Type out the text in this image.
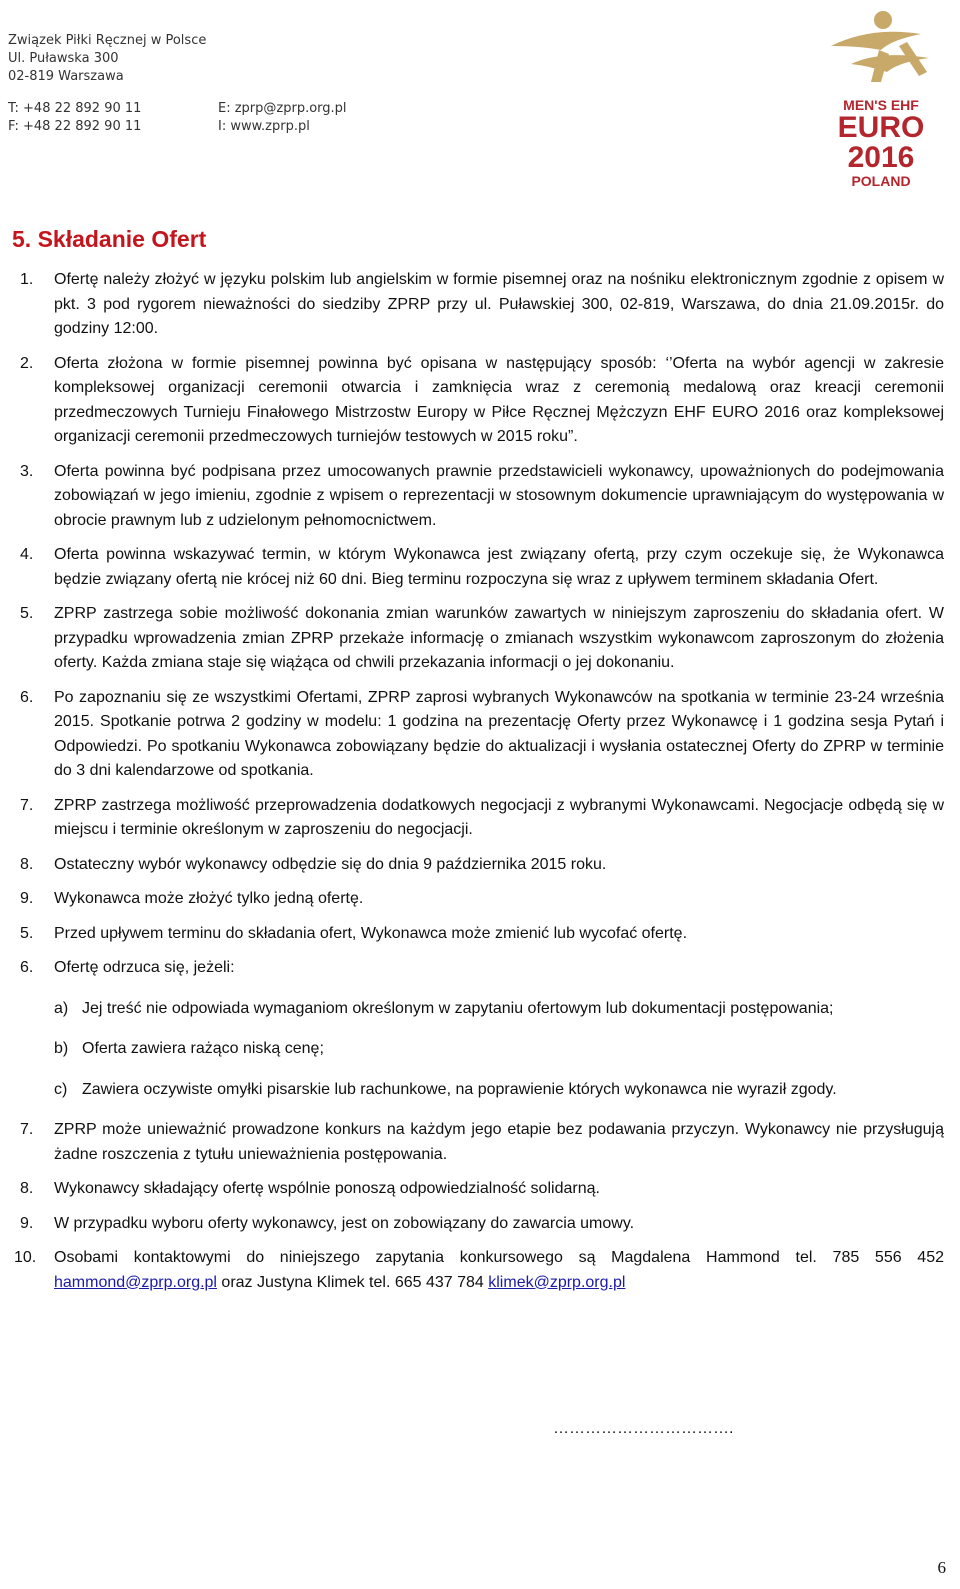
Związek Piłki Ręcznej w Polsce
Ul. Puławska 300
02-819 Warszawa
T: +48 22 892 90 11
F: +48 22 892 90 11
E: zprp@zprp.org.pl
I: www.zprp.pl
MEN'S EHF
EURO
2016
POLAND
5. Składanie Ofert
1. Ofertę należy złożyć w języku polskim lub angielskim w formie pisemnej oraz na nośniku elektronicznym zgodnie z opisem w pkt. 3 pod rygorem nieważności do siedziby ZPRP przy ul. Puławskiej 300, 02-819, Warszawa, do dnia 21.09.2015r. do godziny 12:00.
2. Oferta złożona w formie pisemnej powinna być opisana w następujący sposób: ‘’Oferta na wybór agencji w zakresie kompleksowej organizacji ceremonii otwarcia i zamknięcia wraz z ceremonią medalową oraz kreacji ceremonii przedmeczowych Turnieju Finałowego Mistrzostw Europy w Piłce Ręcznej Mężczyzn EHF EURO 2016 oraz kompleksowej organizacji ceremonii przedmeczowych turniejów testowych w 2015 roku”.
3. Oferta powinna być podpisana przez umocowanych prawnie przedstawicieli wykonawcy, upoważnionych do podejmowania zobowiązań w jego imieniu, zgodnie z wpisem o reprezentacji w stosownym dokumencie uprawniającym do występowania w obrocie prawnym lub z udzielonym pełnomocnictwem.
4. Oferta powinna wskazywać termin, w którym Wykonawca jest związany ofertą, przy czym oczekuje się, że Wykonawca będzie związany ofertą nie krócej niż 60 dni. Bieg terminu rozpoczyna się wraz z upływem terminem składania Ofert.
5. ZPRP zastrzega sobie możliwość dokonania zmian warunków zawartych w niniejszym zaproszeniu do składania ofert. W przypadku wprowadzenia zmian ZPRP przekaże informację o zmianach wszystkim wykonawcom zaproszonym do złożenia oferty. Każda zmiana staje się wiążąca od chwili przekazania informacji o jej dokonaniu.
6. Po zapoznaniu się ze wszystkimi Ofertami, ZPRP zaprosi wybranych Wykonawców na spotkania w terminie 23-24 września 2015. Spotkanie potrwa 2 godziny w modelu: 1 godzina na prezentację Oferty przez Wykonawcę i 1 godzina sesja Pytań i Odpowiedzi. Po spotkaniu Wykonawca zobowiązany będzie do aktualizacji i wysłania ostatecznej Oferty do ZPRP w terminie do 3 dni kalendarzowe od spotkania.
7. ZPRP zastrzega możliwość przeprowadzenia dodatkowych negocjacji z wybranymi Wykonawcami. Negocjacje odbędą się w miejscu i terminie określonym w zaproszeniu do negocjacji.
8. Ostateczny wybór wykonawcy odbędzie się do dnia 9 października 2015 roku.
9. Wykonawca może złożyć tylko jedną ofertę.
5. Przed upływem terminu do składania ofert, Wykonawca może zmienić lub wycofać ofertę.
6. Ofertę odrzuca się, jeżeli:
a) Jej treść nie odpowiada wymaganiom określonym w zapytaniu ofertowym lub dokumentacji postępowania;
b) Oferta zawiera rażąco niską cenę;
c) Zawiera oczywiste omyłki pisarskie lub rachunkowe, na poprawienie których wykonawca nie wyraził zgody.
7. ZPRP może unieważnić prowadzone konkurs na każdym jego etapie bez podawania przyczyn. Wykonawcy nie przysługują żadne roszczenia z tytułu unieważnienia postępowania.
8. Wykonawcy składający ofertę wspólnie ponoszą odpowiedzialność solidarną.
9. W przypadku wyboru oferty wykonawcy, jest on zobowiązany do zawarcia umowy.
10. Osobami kontaktowymi do niniejszego zapytania konkursowego są Magdalena Hammond tel. 785 556 452 hammond@zprp.org.pl oraz Justyna Klimek tel. 665 437 784 klimek@zprp.org.pl
…………………………….
6
